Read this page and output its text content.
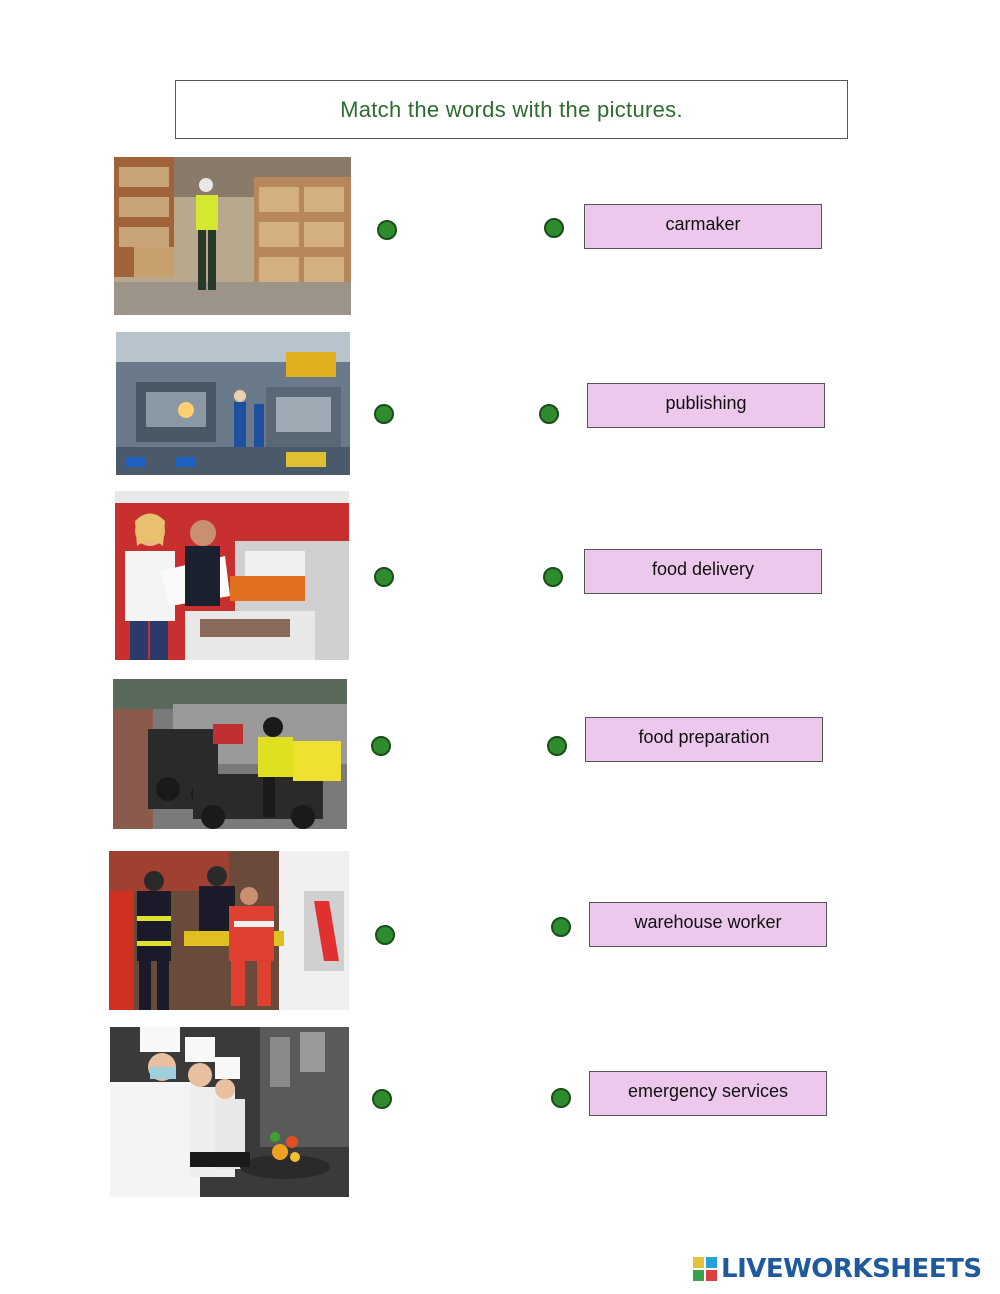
Match the words with the pictures.
carmaker
publishing
food delivery
food preparation
warehouse worker
emergency services
LIVEWORKSHEETS
